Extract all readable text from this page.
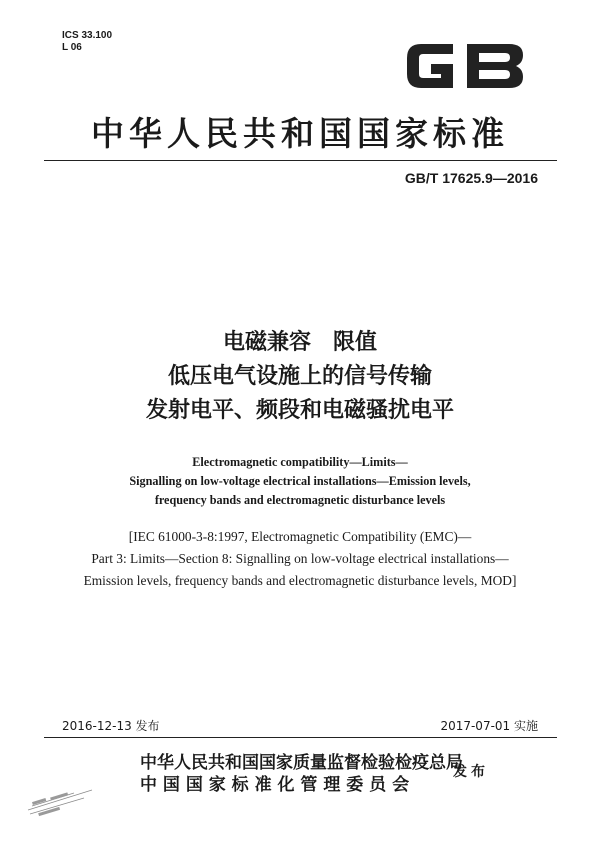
ICS 33.100
L 06
中华人民共和国国家标准
GB/T 17625.9—2016
电磁兼容　限值
低压电气设施上的信号传输
发射电平、频段和电磁骚扰电平
Electromagnetic compatibility—Limits—
Signalling on low-voltage electrical installations—Emission levels,
frequency bands and electromagnetic disturbance levels
[IEC 61000-3-8:1997, Electromagnetic Compatibility (EMC)—
Part 3: Limits—Section 8: Signalling on low-voltage electrical installations—
Emission levels, frequency bands and electromagnetic disturbance levels, MOD]
2016-12-13 发布	2017-07-01 实施
中华人民共和国国家质量监督检验检疫总局
中 国 国 家 标 准 化 管 理 委 员 会
发布
